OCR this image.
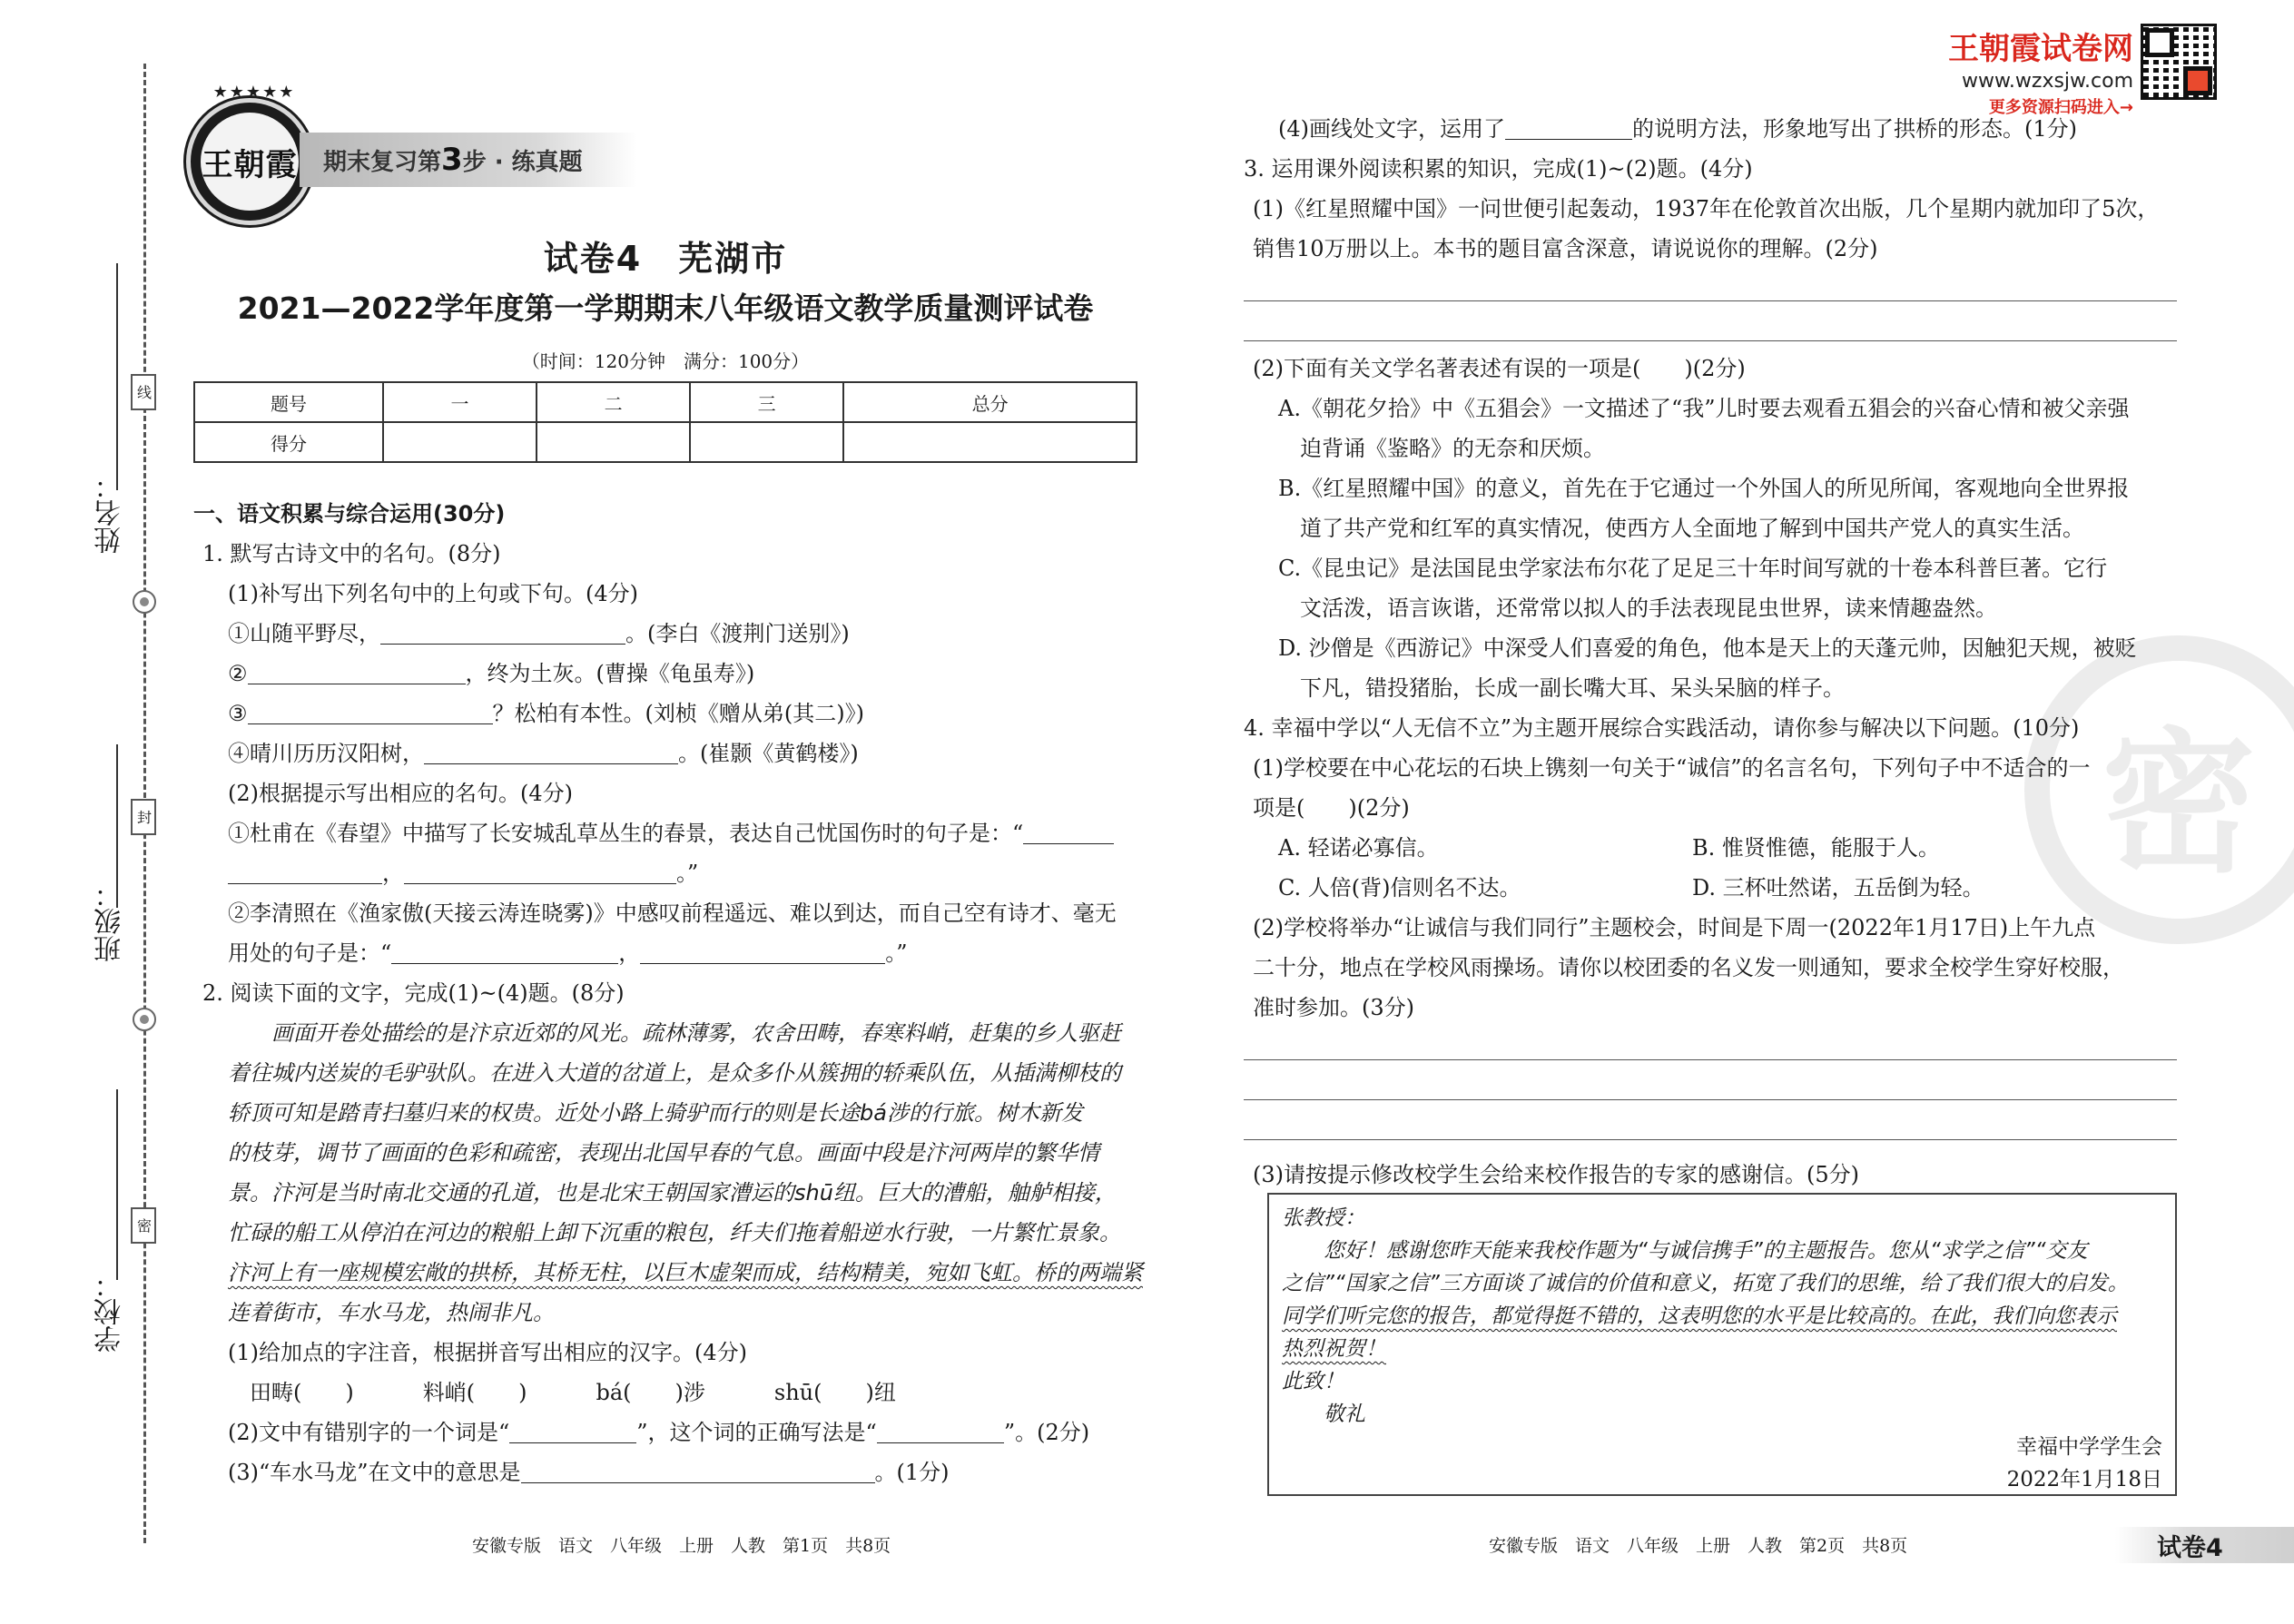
姓名：
班级：
学校：
线
封
密
★★★★★
王朝霞 期末复习第 3 步 · 练真题
王朝霞试卷网
www.wzxsjw.com
更多资源扫码进入→
试卷4　芜湖市
2021—2022学年度第一学期期末八年级语文教学质量测评试卷
（时间：120分钟　满分：100分）
题号	一	二	三	总分
得分				
一、语文积累与综合运用(30分)
1. 默写古诗文中的名句。(8分)
(1)补写出下列名句中的上句或下句。(4分)
①山随平野尽，	。(李白《渡荆门送别》)
②	，终为土灰。(曹操《龟虽寿》)
③	？松柏有本性。(刘桢《赠从弟(其二)》)
④晴川历历汉阳树，	。(崔颢《黄鹤楼》)
(2)根据提示写出相应的名句。(4分)
①杜甫在《春望》中描写了长安城乱草丛生的春景，表达自己忧国伤时的句子是：“
，	。”
②李清照在《渔家傲(天接云涛连晓雾)》中感叹前程遥远、难以到达，而自己空有诗才、毫无
用处的句子是：“	，	。”
2. 阅读下面的文字，完成(1)~(4)题。(8分)
　　画面开卷处描绘的是汴京近郊的风光。疏林薄雾，农舍田畴，春寒料峭，赶集的乡人驱赶
着往城内送炭的毛驴驮队。在进入大道的岔道上，是众多仆从簇拥的轿乘队伍，从插满柳枝的
轿顶可知是踏青扫墓归来的权贵。近处小路上骑驴而行的则是长途bá涉的行旅。树木新发
的枝芽，调节了画面的色彩和疏密，表现出北国早春的气息。画面中段是汴河两岸的繁华情
景。汴河是当时南北交通的孔道，也是北宋王朝国家漕运的shū纽。巨大的漕船，舳舻相接，
忙碌的船工从停泊在河边的粮船上卸下沉重的粮包，纤夫们拖着船逆水行驶，一片繁忙景象。
汴河上有一座规模宏敞的拱桥，其桥无柱，以巨木虚架而成，结构精美，宛如飞虹。桥的两端紧
连着街市，车水马龙，热闹非凡。
(1)给加点的字注音，根据拼音写出相应的汉字。(4分)
田畴(　　)	料峭(　　)	bá(　　)涉	shū(　　)纽
(2)文中有错别字的一个词是“	”，这个词的正确写法是“	”。(2分)
(3)“车水马龙”在文中的意思是	。(1分)
密
(4)画线处文字，运用了	的说明方法，形象地写出了拱桥的形态。(1分)
3. 运用课外阅读积累的知识，完成(1)~(2)题。(4分)
(1)《红星照耀中国》一问世便引起轰动，1937年在伦敦首次出版，几个星期内就加印了5次，
销售10万册以上。本书的题目富含深意，请说说你的理解。(2分)
(2)下面有关文学名著表述有误的一项是(　　)(2分)
A.《朝花夕拾》中《五猖会》一文描述了“我”儿时要去观看五猖会的兴奋心情和被父亲强
　迫背诵《鉴略》的无奈和厌烦。
B.《红星照耀中国》的意义，首先在于它通过一个外国人的所见所闻，客观地向全世界报
　道了共产党和红军的真实情况，使西方人全面地了解到中国共产党人的真实生活。
C.《昆虫记》是法国昆虫学家法布尔花了足足三十年时间写就的十卷本科普巨著。它行
　文活泼，语言诙谐，还常常以拟人的手法表现昆虫世界，读来情趣盎然。
D. 沙僧是《西游记》中深受人们喜爱的角色，他本是天上的天蓬元帅，因触犯天规，被贬
　下凡，错投猪胎，长成一副长嘴大耳、呆头呆脑的样子。
4. 幸福中学以“人无信不立”为主题开展综合实践活动，请你参与解决以下问题。(10分)
(1)学校要在中心花坛的石块上镌刻一句关于“诚信”的名言名句，下列句子中不适合的一
项是(　　)(2分)
A. 轻诺必寡信。	B. 惟贤惟德，能服于人。
C. 人倍(背)信则名不达。	D. 三杯吐然诺，五岳倒为轻。
(2)学校将举办“让诚信与我们同行”主题校会，时间是下周一(2022年1月17日)上午九点
二十分，地点在学校风雨操场。请你以校团委的名义发一则通知，要求全校学生穿好校服，
准时参加。(3分)
(3)请按提示修改校学生会给来校作报告的专家的感谢信。(5分)
张教授：
　　您好！感谢您昨天能来我校作题为“与诚信携手”的主题报告。您从“求学之信”“交友
之信”“国家之信”三方面谈了诚信的价值和意义，拓宽了我们的思维，给了我们很大的启发。
同学们听完您的报告，都觉得挺不错的，这表明您的水平是比较高的。在此，我们向您表示
热烈祝贺！
此致！
　　敬礼
幸福中学学生会
2022年1月18日
安徽专版　语文　八年级　上册　人教　第1页　共8页	安徽专版　语文　八年级　上册　人教　第2页　共8页	试卷4
